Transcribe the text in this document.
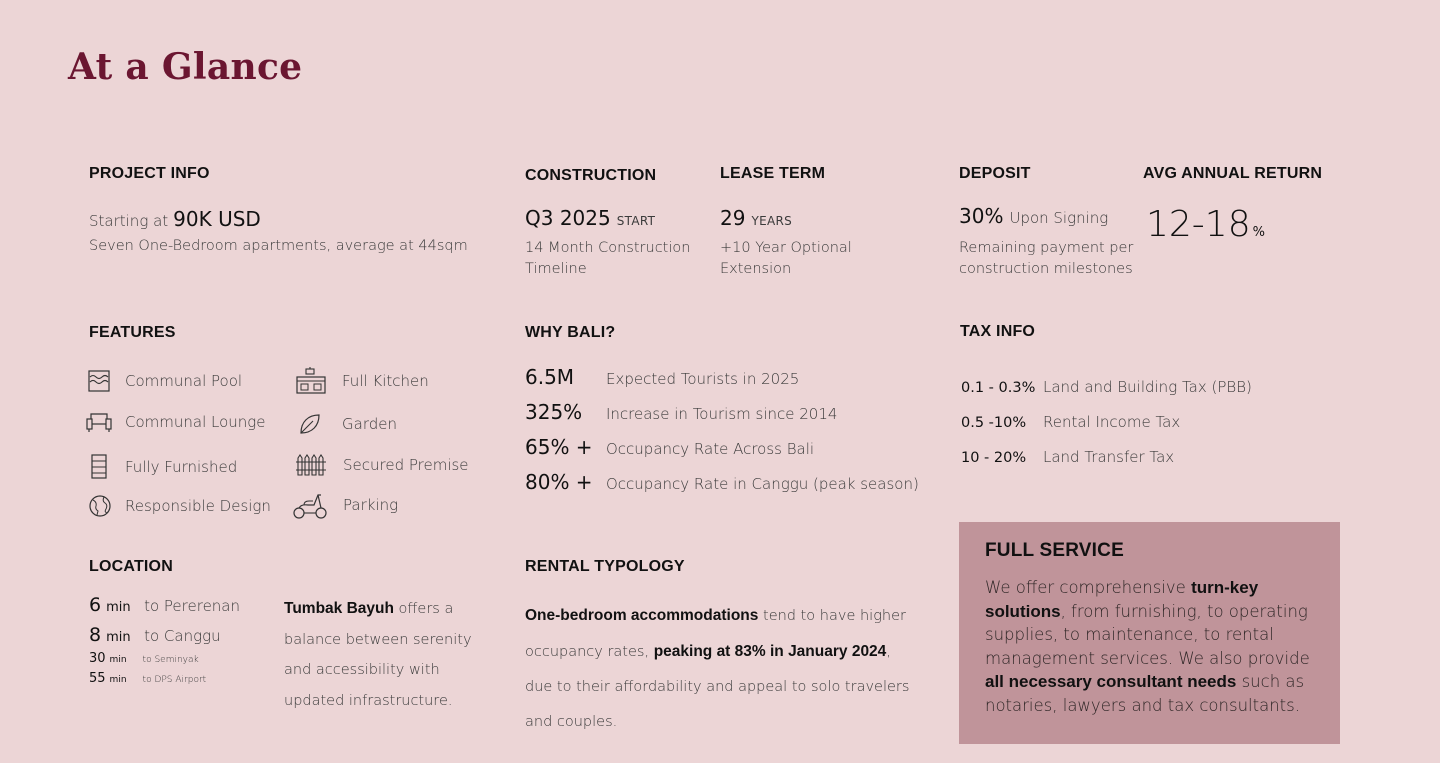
At a Glance
PROJECT INFO
Starting at 90K USD
Seven One-Bedroom apartments, average at 44sqm
CONSTRUCTION
Q3 2025 START
14 Month Construction
Timeline
LEASE TERM
29 YEARS
+10 Year Optional
Extension
DEPOSIT
30% Upon Signing
Remaining payment per
construction milestones
AVG ANNUAL RETURN
12-18 %
FEATURES
Communal Pool	Full Kitchen
Communal Lounge	Garden
Fully Furnished	Secured Premise
Responsible Design	Parking
WHY BALI?
6.5M	Expected Tourists in 2025
325%	Increase in Tourism since 2014
65% + Occupancy Rate Across Bali
80% + Occupancy Rate in Canggu (peak season)
TAX INFO
0.1 - 0.3% Land and Building Tax (PBB)
0.5 -10%	Rental Income Tax
10 - 20%	Land Transfer Tax
LOCATION
6 min to Pererenan
8 min to Canggu
30 min	to Seminyak
55 min	to DPS Airport
Tumbak Bayuh offers a
balance between serenity
and accessibility with
updated infrastructure.
RENTAL TYPOLOGY
One-bedroom accommodations tend to have higher
occupancy rates, peaking at 83% in January 2024,
due to their affordability and appeal to solo travelers
and couples.
FULL SERVICE
We offer comprehensive turn-key solutions, from furnishing, to operating supplies, to maintenance, to rental management services. We also provide all necessary consultant needs such as notaries, lawyers and tax consultants.
